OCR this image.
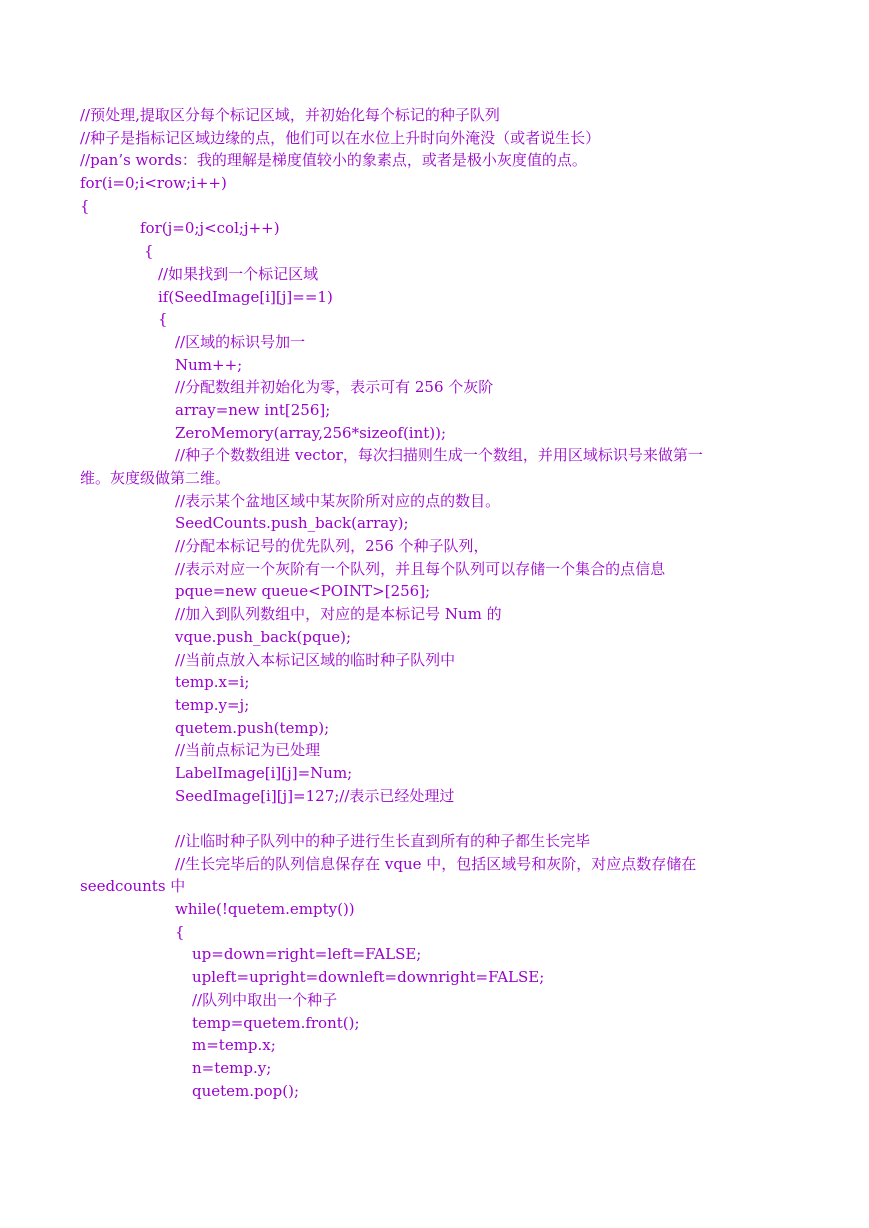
//预处理,提取区分每个标记区域，并初始化每个标记的种子队列
//种子是指标记区域边缘的点，他们可以在水位上升时向外淹没（或者说生长）
//pan’s words：我的理解是梯度值较小的象素点，或者是极小灰度值的点。
for(i=0;i<row;i++)
{
for(j=0;j<col;j++)
{
//如果找到一个标记区域
if(SeedImage[i][j]==1)
{
//区域的标识号加一
Num++;
//分配数组并初始化为零，表示可有 256 个灰阶
array=new int[256];
ZeroMemory(array,256*sizeof(int));
//种子个数数组进 vector，每次扫描则生成一个数组，并用区域标识号来做第一
维。灰度级做第二维。
//表示某个盆地区域中某灰阶所对应的点的数目。
SeedCounts.push_back(array);
//分配本标记号的优先队列，256 个种子队列，
//表示对应一个灰阶有一个队列，并且每个队列可以存储一个集合的点信息
pque=new queue<POINT>[256];
//加入到队列数组中，对应的是本标记号 Num 的
vque.push_back(pque);
//当前点放入本标记区域的临时种子队列中
temp.x=i;
temp.y=j;
quetem.push(temp);
//当前点标记为已处理
LabelImage[i][j]=Num;
SeedImage[i][j]=127;//表示已经处理过
//让临时种子队列中的种子进行生长直到所有的种子都生长完毕
//生长完毕后的队列信息保存在 vque 中，包括区域号和灰阶，对应点数存储在
seedcounts 中
while(!quetem.empty())
{
up=down=right=left=FALSE;
upleft=upright=downleft=downright=FALSE;
//队列中取出一个种子
temp=quetem.front();
m=temp.x;
n=temp.y;
quetem.pop();
